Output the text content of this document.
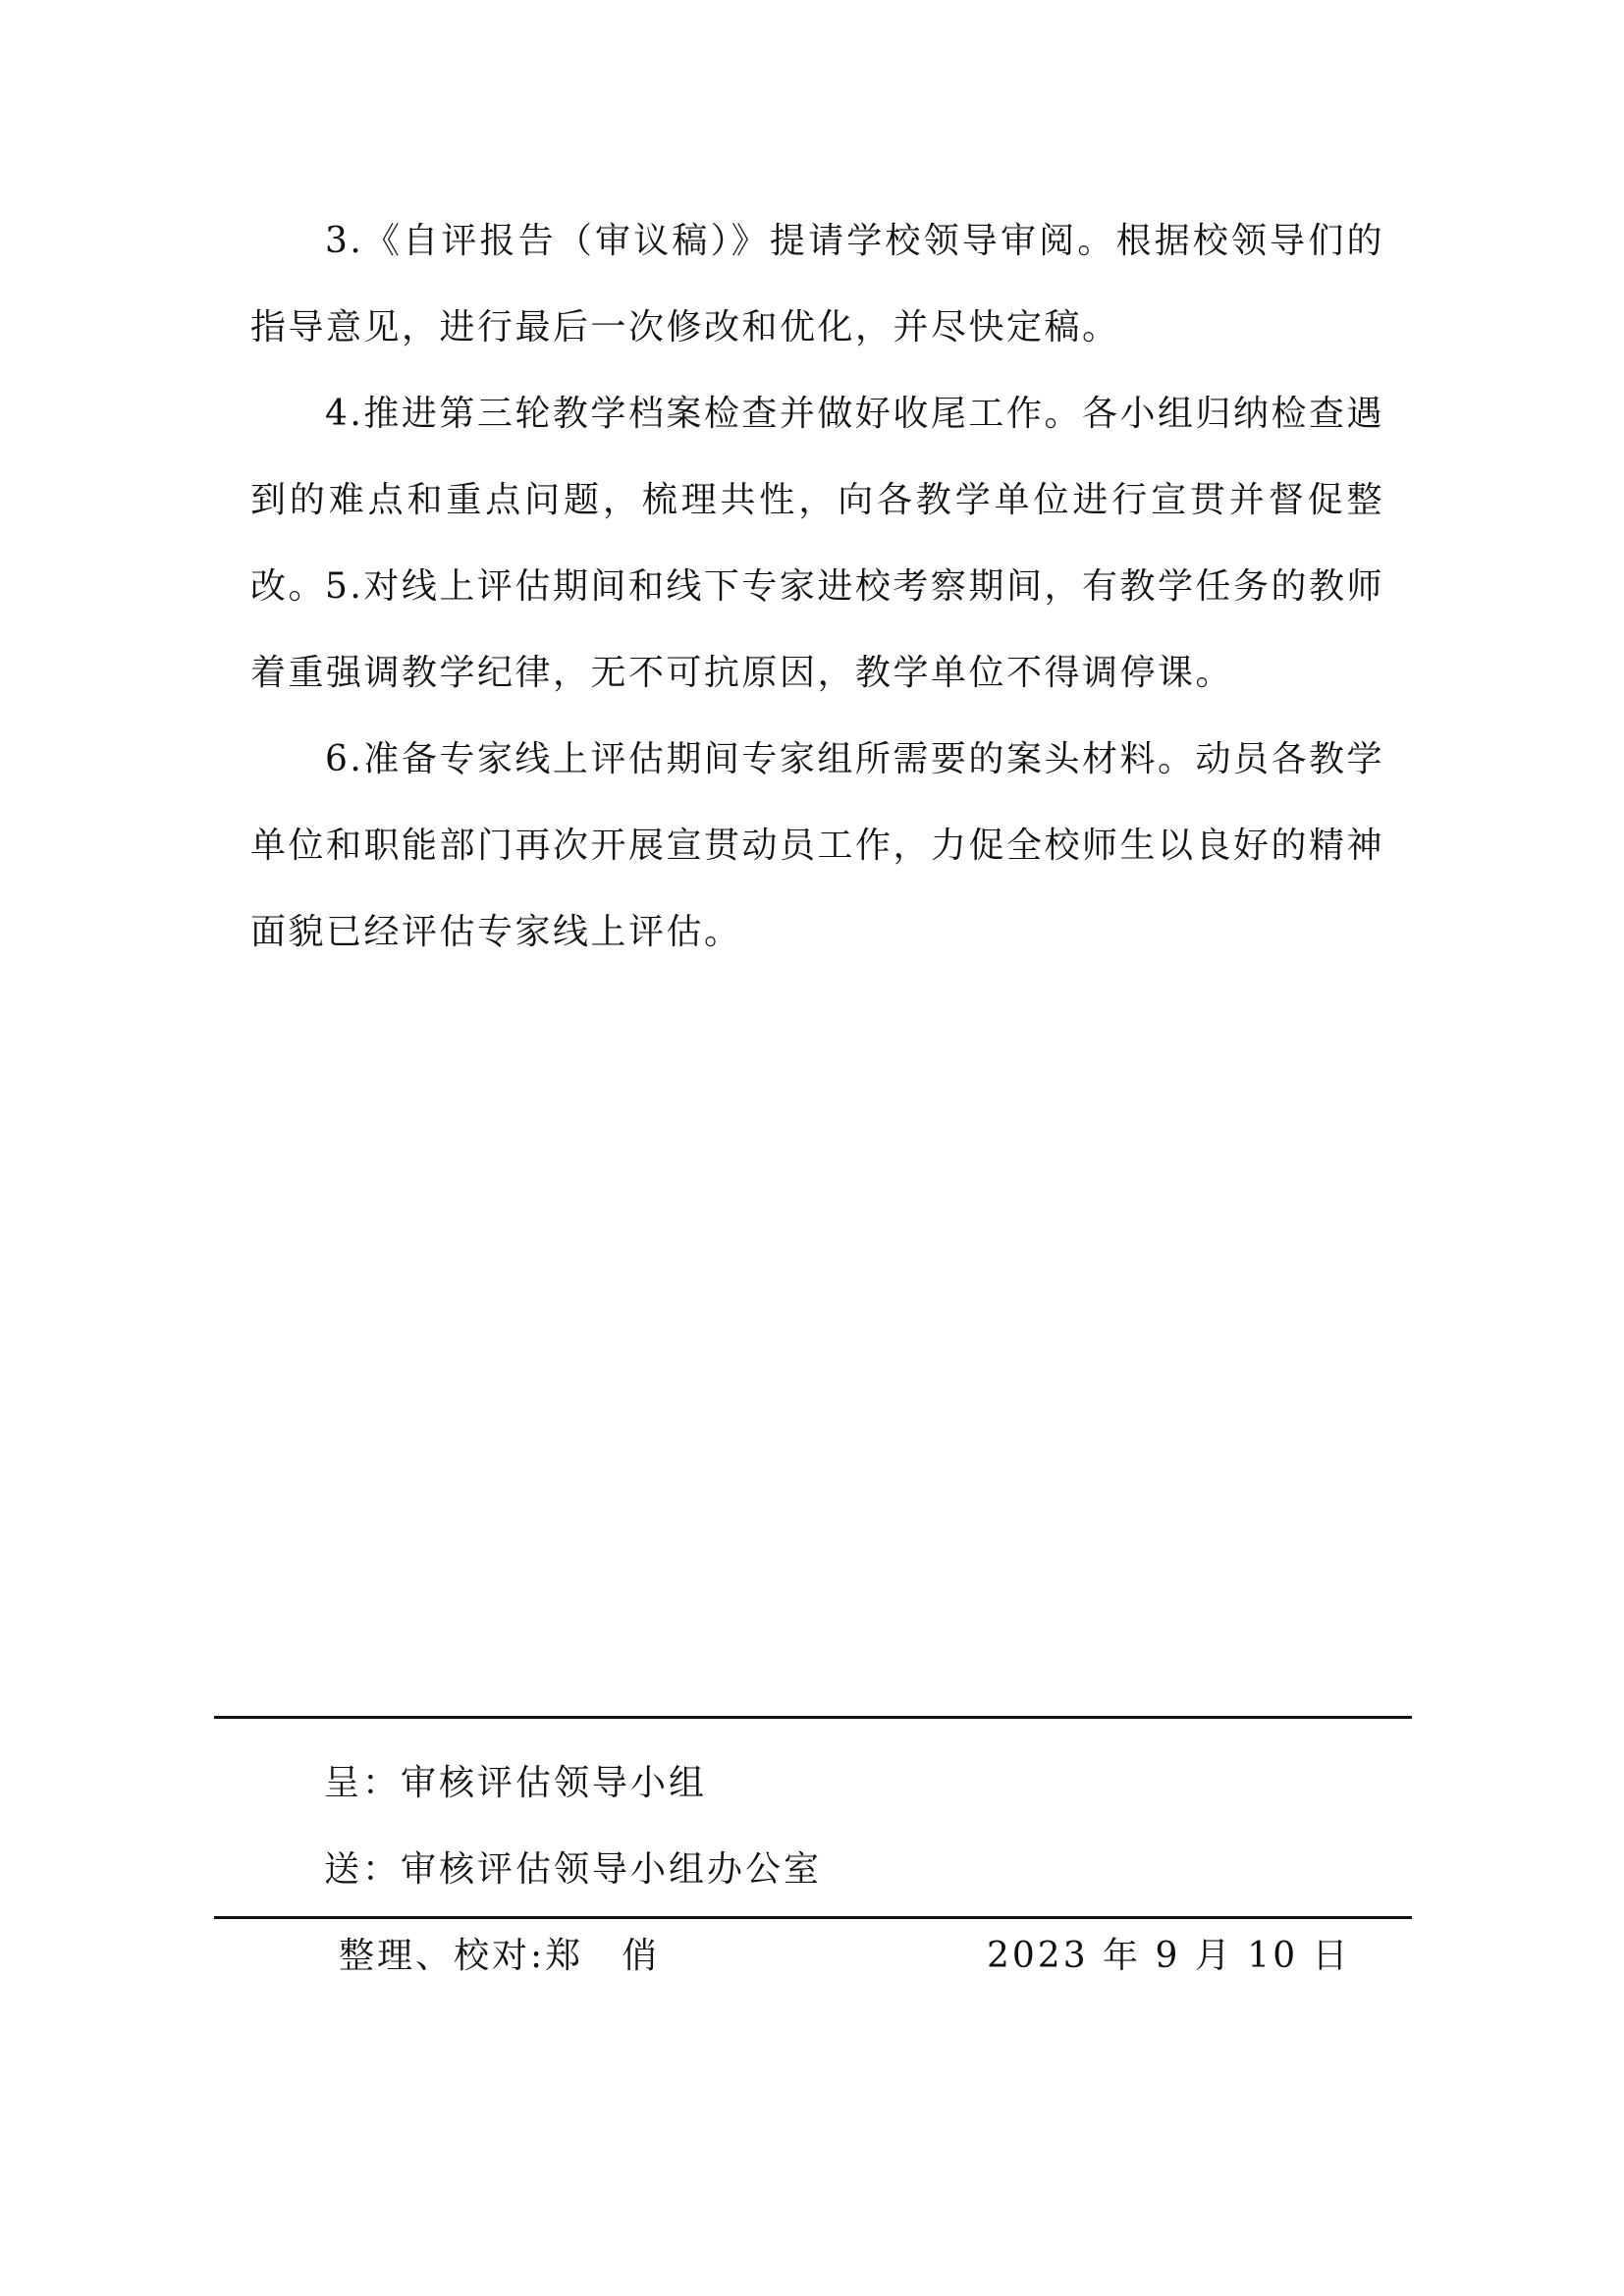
3.《自评报告（审议稿）》提请学校领导审阅。根据校领导们的指导意见，进行最后一次修改和优化，并尽快定稿。

4.推进第三轮教学档案检查并做好收尾工作。各小组归纳检查遇到的难点和重点问题，梳理共性，向各教学单位进行宣贯并督促整改。

5.对线上评估期间和线下专家进校考察期间，有教学任务的教师着重强调教学纪律，无不可抗原因，教学单位不得调停课。

6.准备专家线上评估期间专家组所需要的案头材料。动员各教学单位和职能部门再次开展宣贯动员工作，力促全校师生以良好的精神面貌已经评估专家线上评估。

呈：审核评估领导小组
送：审核评估领导小组办公室
整理、校对:郑　俏	2023 年 9 月 10 日
